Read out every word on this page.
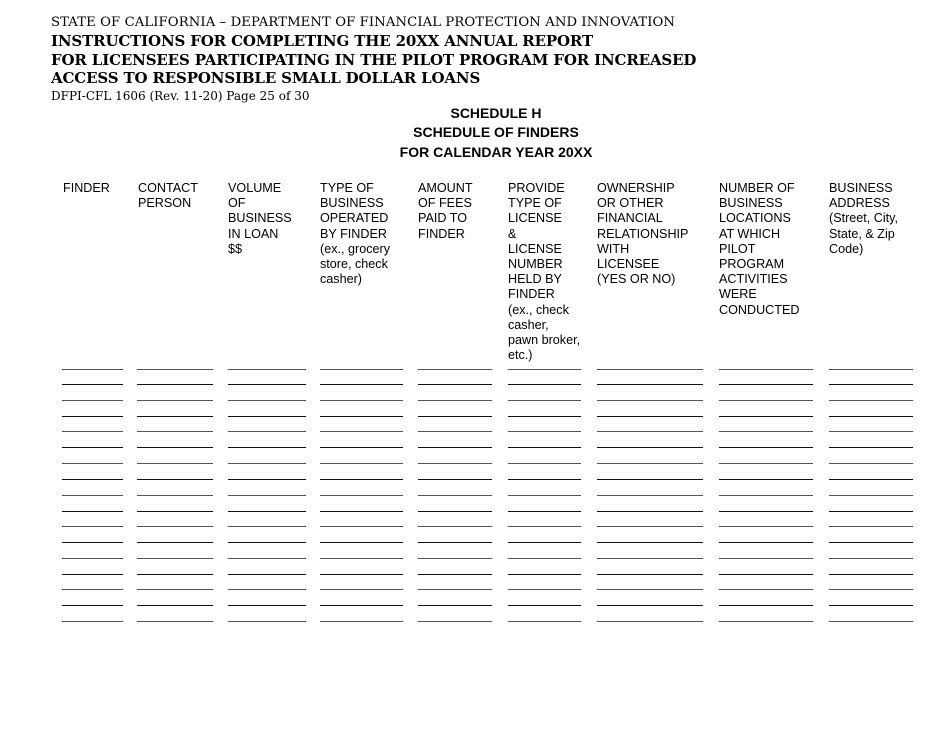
STATE OF CALIFORNIA – DEPARTMENT OF FINANCIAL PROTECTION AND INNOVATION
INSTRUCTIONS FOR COMPLETING THE 20XX ANNUAL REPORT
FOR LICENSEES PARTICIPATING IN THE PILOT PROGRAM FOR INCREASED
ACCESS TO RESPONSIBLE SMALL DOLLAR LOANS
DFPI-CFL 1606 (Rev. 11-20) Page 25 of 30
SCHEDULE H
SCHEDULE OF FINDERS
FOR CALENDAR YEAR 20XX
FINDER CONTACT
PERSON
VOLUME
OF
BUSINESS
IN LOAN
$$
TYPE OF
BUSINESS
OPERATED
BY FINDER
(ex., grocery
store, check
casher)
AMOUNT
OF FEES
PAID TO
FINDER
PROVIDE
TYPE OF
LICENSE
&
LICENSE
NUMBER
HELD BY
FINDER
(ex., check
casher,
pawn broker,
etc.)
OWNERSHIP
OR OTHER
FINANCIAL
RELATIONSHIP
WITH
LICENSEE
(YES OR NO)
NUMBER OF
BUSINESS
LOCATIONS
AT WHICH
PILOT
PROGRAM
ACTIVITIES
WERE
CONDUCTED
BUSINESS
ADDRESS
(Street, City,
State, & Zip
Code)
